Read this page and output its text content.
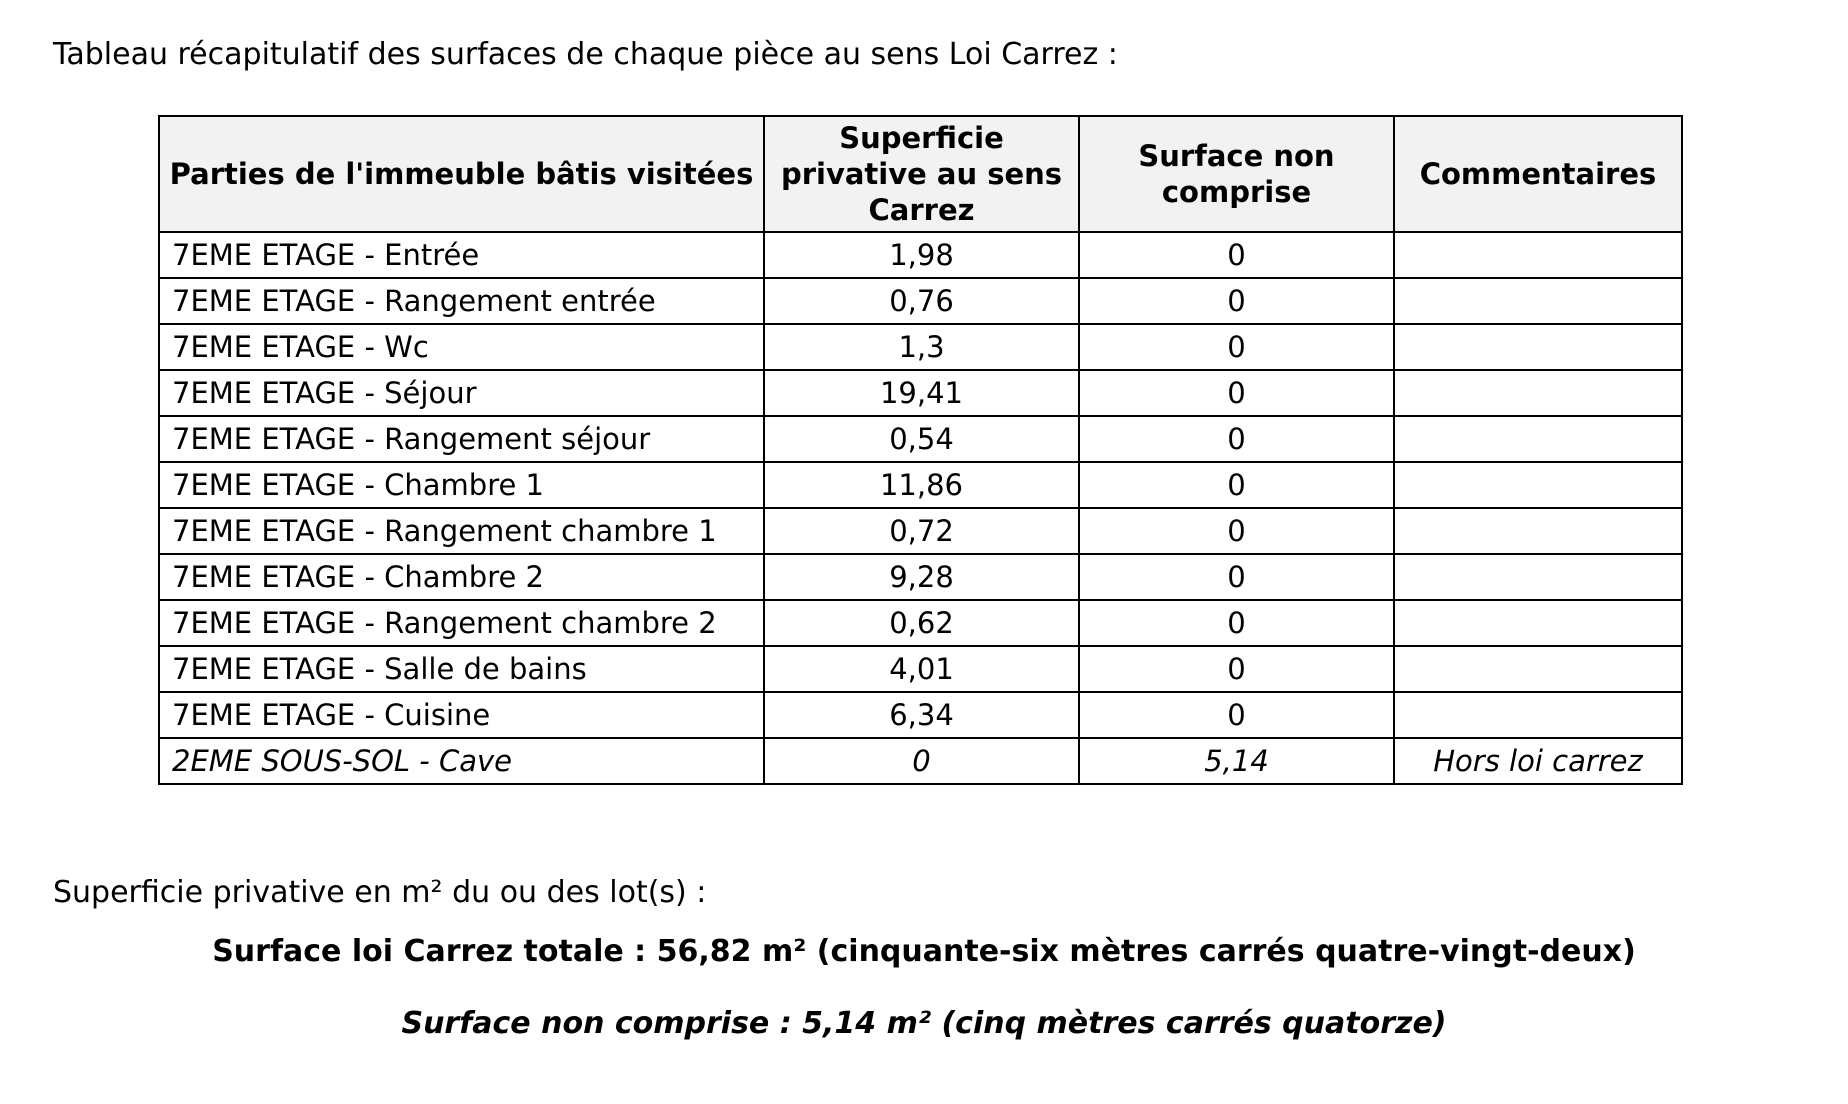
Tableau récapitulatif des surfaces de chaque pièce au sens Loi Carrez :
Parties de l'immeuble bâtis visitées	Superficie privative au sens Carrez	Surface non comprise	Commentaires
7EME ETAGE - Entrée	1,98	0	
7EME ETAGE - Rangement entrée	0,76	0	
7EME ETAGE - Wc	1,3	0	
7EME ETAGE - Séjour	19,41	0	
7EME ETAGE - Rangement séjour	0,54	0	
7EME ETAGE - Chambre 1	11,86	0	
7EME ETAGE - Rangement chambre 1	0,72	0	
7EME ETAGE - Chambre 2	9,28	0	
7EME ETAGE - Rangement chambre 2	0,62	0	
7EME ETAGE - Salle de bains	4,01	0	
7EME ETAGE - Cuisine	6,34	0	
2EME SOUS-SOL - Cave	0	5,14	Hors loi carrez
Superficie privative en m² du ou des lot(s) :
Surface loi Carrez totale : 56,82 m² (cinquante-six mètres carrés quatre-vingt-deux)
Surface non comprise : 5,14 m² (cinq mètres carrés quatorze)
